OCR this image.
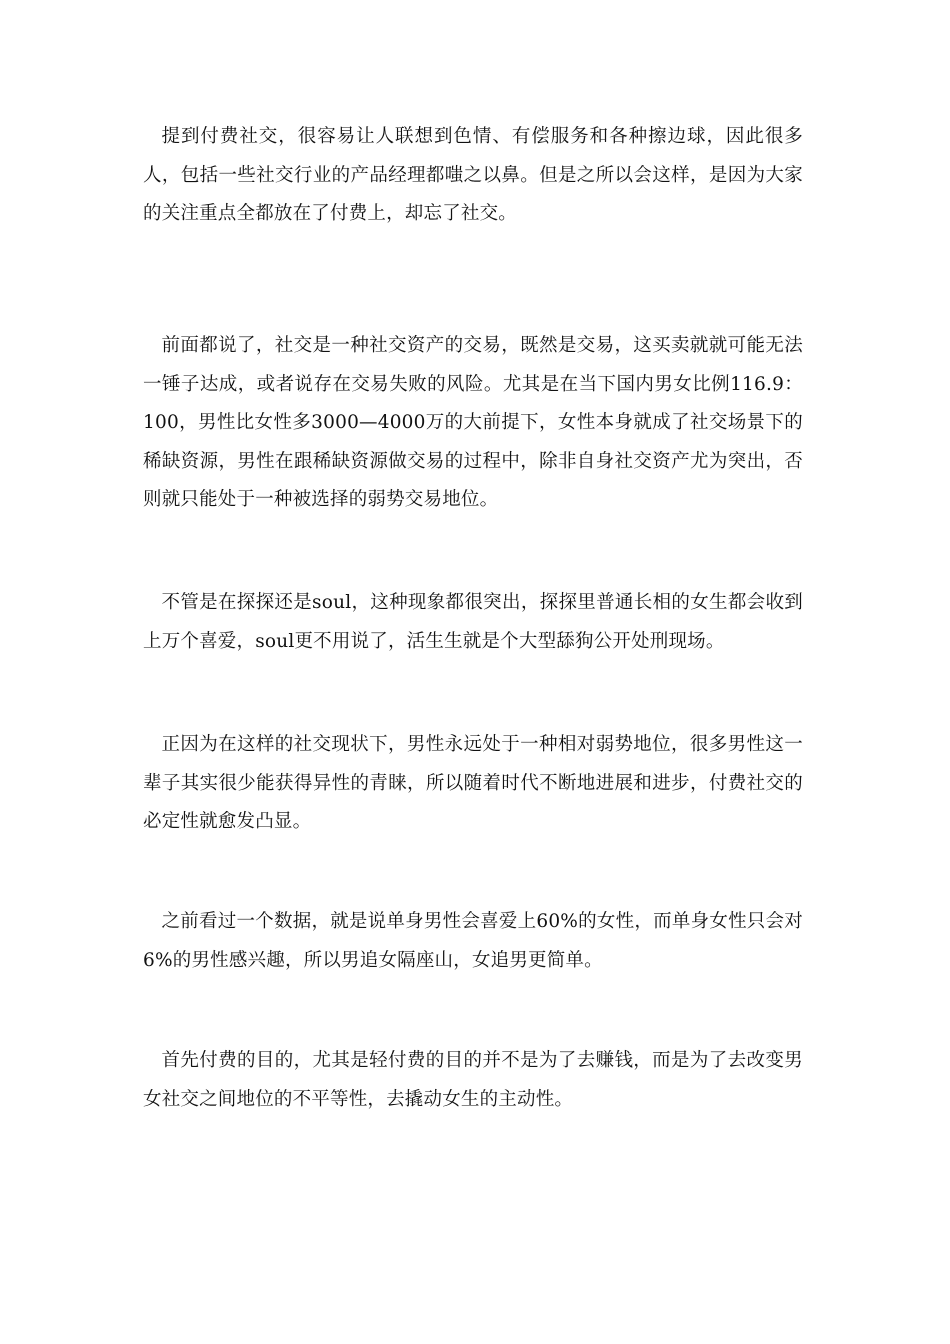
提到付费社交，很容易让人联想到色情、有偿服务和各种擦边球，因此很多人，包括一些社交行业的产品经理都嗤之以鼻。但是之所以会这样，是因为大家的关注重点全都放在了付费上，却忘了社交。

前面都说了，社交是一种社交资产的交易，既然是交易，这买卖就就可能无法一锤子达成，或者说存在交易失败的风险。尤其是在当下国内男女比例116.9：100，男性比女性多3000—4000万的大前提下，女性本身就成了社交场景下的稀缺资源，男性在跟稀缺资源做交易的过程中，除非自身社交资产尤为突出，否则就只能处于一种被选择的弱势交易地位。

不管是在探探还是soul，这种现象都很突出，探探里普通长相的女生都会收到上万个喜爱，soul更不用说了，活生生就是个大型舔狗公开处刑现场。

正因为在这样的社交现状下，男性永远处于一种相对弱势地位，很多男性这一辈子其实很少能获得异性的青睐，所以随着时代不断地进展和进步，付费社交的必定性就愈发凸显。

之前看过一个数据，就是说单身男性会喜爱上60%的女性，而单身女性只会对6%的男性感兴趣，所以男追女隔座山，女追男更简单。

首先付费的目的，尤其是轻付费的目的并不是为了去赚钱，而是为了去改变男女社交之间地位的不平等性，去撬动女生的主动性。
